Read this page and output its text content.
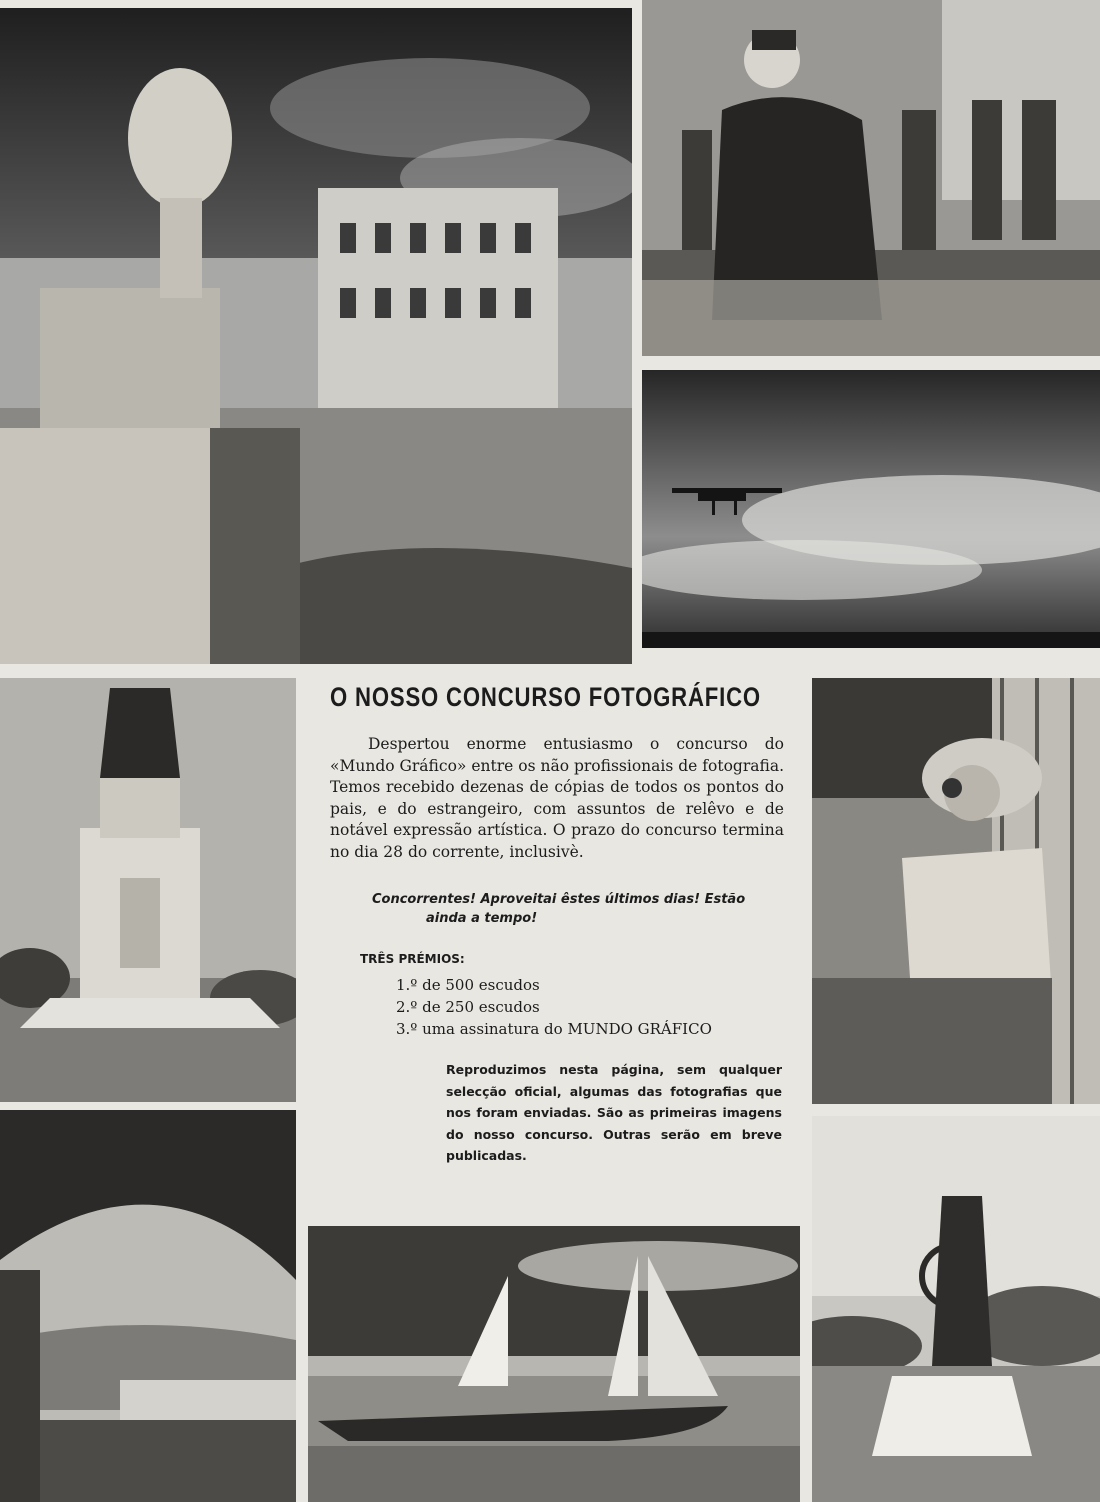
O NOSSO CONCURSO FOTOGRÁFICO

Despertou enorme entusiasmo o concurso do «Mundo Gráfico» entre os não profissionais de fotografia. Temos recebido dezenas de cópias de todos os pontos do pais, e do estrangeiro, com assuntos de relêvo e de notável expressão artística. O prazo do concurso termina no dia 28 do corrente, inclusivè.

Concorrentes! Aproveitai êstes últimos dias! Estão
ainda a tempo!

TRÊS PRÉMIOS:

1.º de 500 escudos
2.º de 250 escudos
3.º uma assinatura do MUNDO GRÁFICO

Reproduzimos nesta página, sem qualquer selecção oficial, algumas das fotografias que nos foram enviadas. São as primeiras imagens do nosso concurso. Outras serão em breve publicadas.
